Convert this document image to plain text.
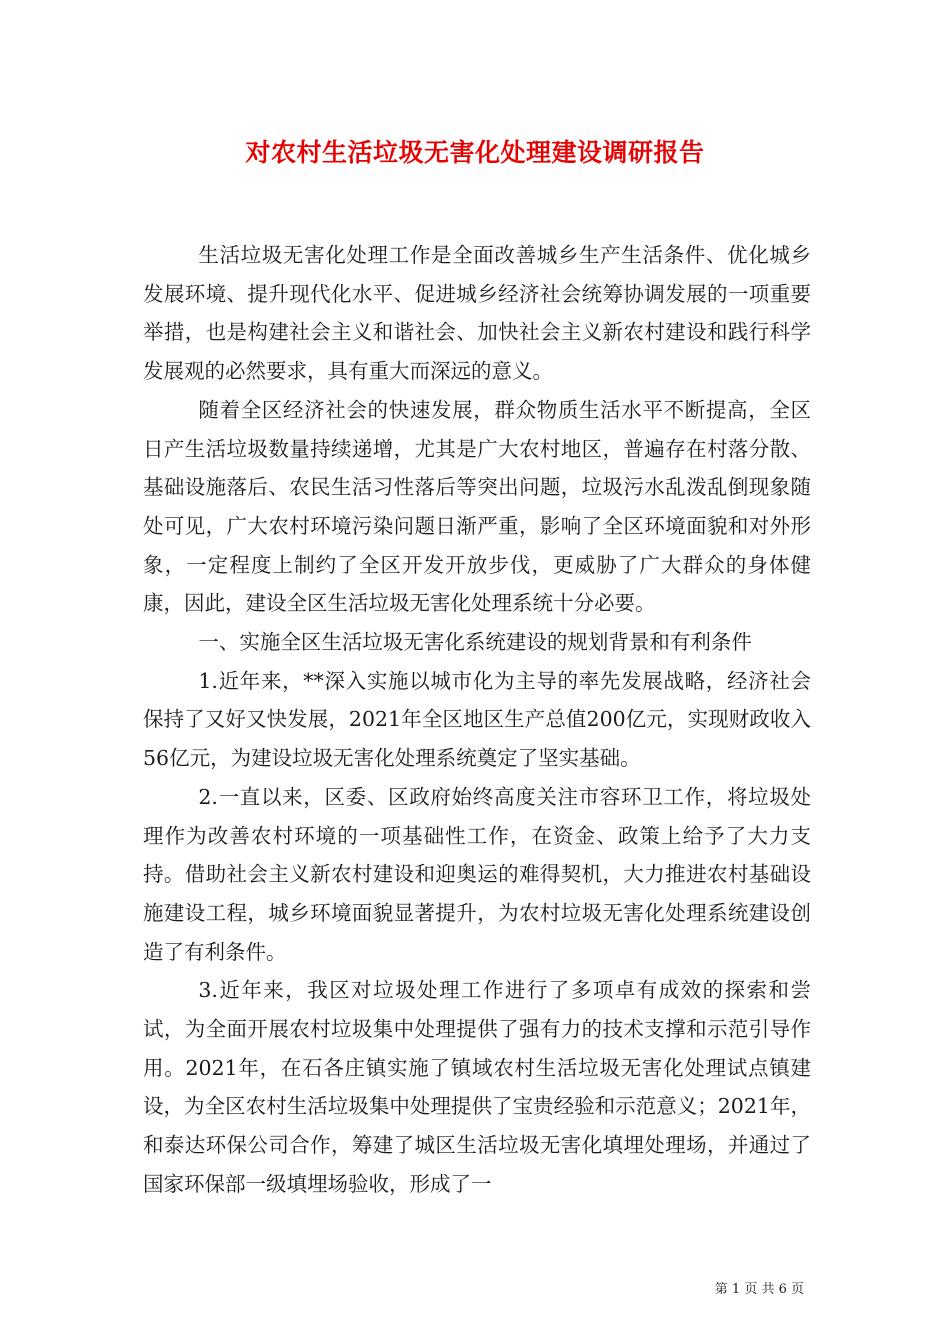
对农村生活垃圾无害化处理建设调研报告

生活垃圾无害化处理工作是全面改善城乡生产生活条件、优化城乡发展环境、提升现代化水平、促进城乡经济社会统筹协调发展的一项重要举措，也是构建社会主义和谐社会、加快社会主义新农村建设和践行科学发展观的必然要求，具有重大而深远的意义。

随着全区经济社会的快速发展，群众物质生活水平不断提高，全区日产生活垃圾数量持续递增，尤其是广大农村地区，普遍存在村落分散、基础设施落后、农民生活习性落后等突出问题，垃圾污水乱泼乱倒现象随处可见，广大农村环境污染问题日渐严重，影响了全区环境面貌和对外形象，一定程度上制约了全区开发开放步伐，更威胁了广大群众的身体健康，因此，建设全区生活垃圾无害化处理系统十分必要。

一、实施全区生活垃圾无害化系统建设的规划背景和有利条件

1.近年来，**深入实施以城市化为主导的率先发展战略，经济社会保持了又好又快发展，2021年全区地区生产总值200亿元，实现财政收入56亿元，为建设垃圾无害化处理系统奠定了坚实基础。

2.一直以来，区委、区政府始终高度关注市容环卫工作，将垃圾处理作为改善农村环境的一项基础性工作，在资金、政策上给予了大力支持。借助社会主义新农村建设和迎奥运的难得契机，大力推进农村基础设施建设工程，城乡环境面貌显著提升，为农村垃圾无害化处理系统建设创造了有利条件。

3.近年来，我区对垃圾处理工作进行了多项卓有成效的探索和尝试，为全面开展农村垃圾集中处理提供了强有力的技术支撑和示范引导作用。2021年，在石各庄镇实施了镇域农村生活垃圾无害化处理试点镇建设，为全区农村生活垃圾集中处理提供了宝贵经验和示范意义；2021年，和泰达环保公司合作，筹建了城区生活垃圾无害化填埋处理场，并通过了国家环保部一级填埋场验收，形成了一

第 1 页 共 6 页
